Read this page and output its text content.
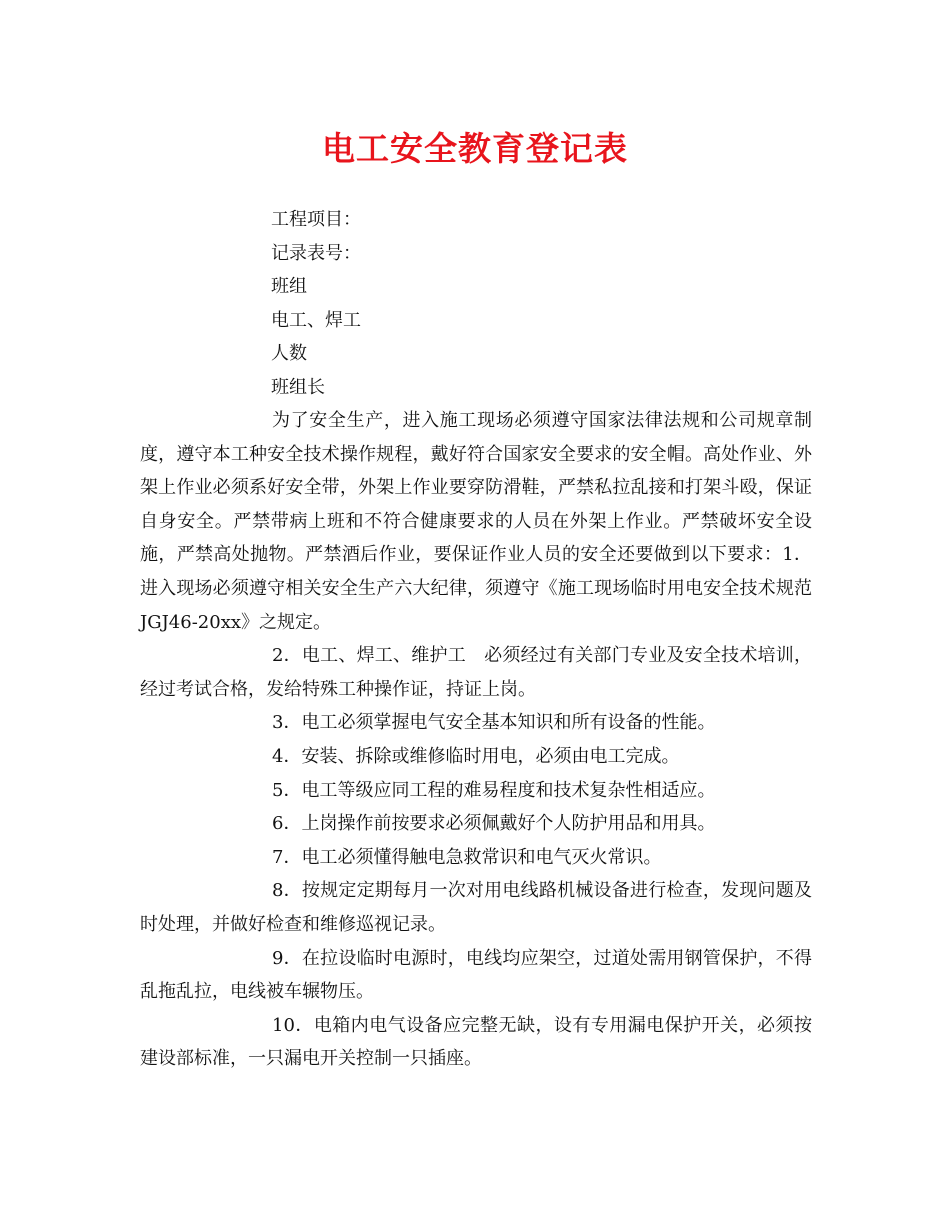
电工安全教育登记表
工程项目：
记录表号：
班组
电工、焊工
人数
班组长

为了安全生产，进入施工现场必须遵守国家法律法规和公司规章制度，遵守本工种安全技术操作规程，戴好符合国家安全要求的安全帽。高处作业、外架上作业必须系好安全带，外架上作业要穿防滑鞋，严禁私拉乱接和打架斗殴，保证自身安全。严禁带病上班和不符合健康要求的人员在外架上作业。严禁破坏安全设施，严禁高处抛物。严禁酒后作业，要保证作业人员的安全还要做到以下要求：1．进入现场必须遵守相关安全生产六大纪律，须遵守《施工现场临时用电安全技术规范JGJ46-20xx》之规定。

2．电工、焊工、维护工　必须经过有关部门专业及安全技术培训，经过考试合格，发给特殊工种操作证，持证上岗。

3．电工必须掌握电气安全基本知识和所有设备的性能。

4．安装、拆除或维修临时用电，必须由电工完成。

5．电工等级应同工程的难易程度和技术复杂性相适应。

6．上岗操作前按要求必须佩戴好个人防护用品和用具。

7．电工必须懂得触电急救常识和电气灭火常识。

8．按规定定期每月一次对用电线路机械设备进行检查，发现问题及时处理，并做好检查和维修巡视记录。

9．在拉设临时电源时，电线均应架空，过道处需用钢管保护，不得乱拖乱拉，电线被车辗物压。

10．电箱内电气设备应完整无缺，设有专用漏电保护开关，必须按建设部标准，一只漏电开关控制一只插座。
